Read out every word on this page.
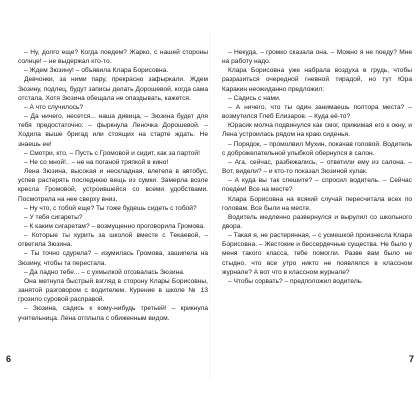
– Ну, долго еще? Когда поедем? Жарко, с нашей стороны солнце! – не выдержал кто-то.

– Ждем Зюзину! – объявила Клара Борисовна.

Девчонки, за ними пару, прекрасно зафыркали. Ждем Зюзину, подлец, будут записы делать Дорошевой, когда сама отстала. Хотя Зюзина обещала не опаздывать, кажется.

– А что случилось?

– Да ничего, несется... наша дивица, – Зюзина будет для тебя предостаточно: – фыркнула Леночка Дорошевой. – Ходила выше бригад или стоящих на старте ждать. Не знаешь ее!

– Смотри, кто, – Пусть с Громовой и сидит, как за партой!

– Не со мной!.. – не на поганой тряпкой в кино!

Лена Зюзина, высокая и нескладная, влетела в автобус, успев растерять последнюю вещь из сумки. Замерла возле кресла Громовой, устроившейся со всеми удобствами. Посмотрела на нее сверху вниз.

– Ну что, с тобой еще? Ты тоже будешь сидеть с тобой?

– У тебя сигареты?

– К каким сигаретам? – возмущенно проговорила Громова.

– Которые ты курить за школой вместе с Текаевой, – ответила Зюзина.

– Ты точно сдурела? – изумилась Громова, зашипела на Зюзину, чтобы та перестала.

– Да ладно тебе... – с ухмылкой отозвалась Зюзина.

Она метнула быстрый взгляд в сторону Клары Борисовны, занятой разговором с водителем. Курение в школе № 13 грозило суровой расправой.

– Зюзина, садись к кому-нибудь третьей! – крикнула учительница. Лена отплыла с обиженным видом.

– Некуда, – громко сказала она. – Можно я не поеду? Мне на работу надо.

Клара Борисовна уже набрала воздуха в грудь, чтобы разразиться очередной гневной тирадой, но тут Юра Каракин неожиданно предложил:

– Садись с нами.

– А ничего, что ты один занимаешь полтора места? – возмутился Глеб Елизаров. – Куда её-то?

Юрасик молча подвинулся как смог, прижимая его к окну, и Лена устроилась рядом на краю сиденья.

– Порядок, – промолвил Мухин, покачав головой. Водитель с доброжелательной улыбкой обернулся в салон.

– Ага, сейчас, разбежались, – ответили ему из салона. – Вот, видели? – и кто-то показал Зюзиной кулак.

– А куда вы так спешите? – спросил водитель. – Сейчас поедем! Все на месте?

Клара Борисовна на всякий случай пересчитала всех по головам. Все были на месте.

Водитель медленно развернулся и вырулил со школьного двора.

– Такая я, не растерянная, – с усмешкой произнесла Клара Борисовна. – Жестокие и бессердечные существа. Не было у меня такого класса, тебе помогли. Разве вам было не стыдно, что все утро никто не появлялся в классном журнале? А вот что в классном журнале?

– Чтобы сорвать? – предположил водитель.

6	7
